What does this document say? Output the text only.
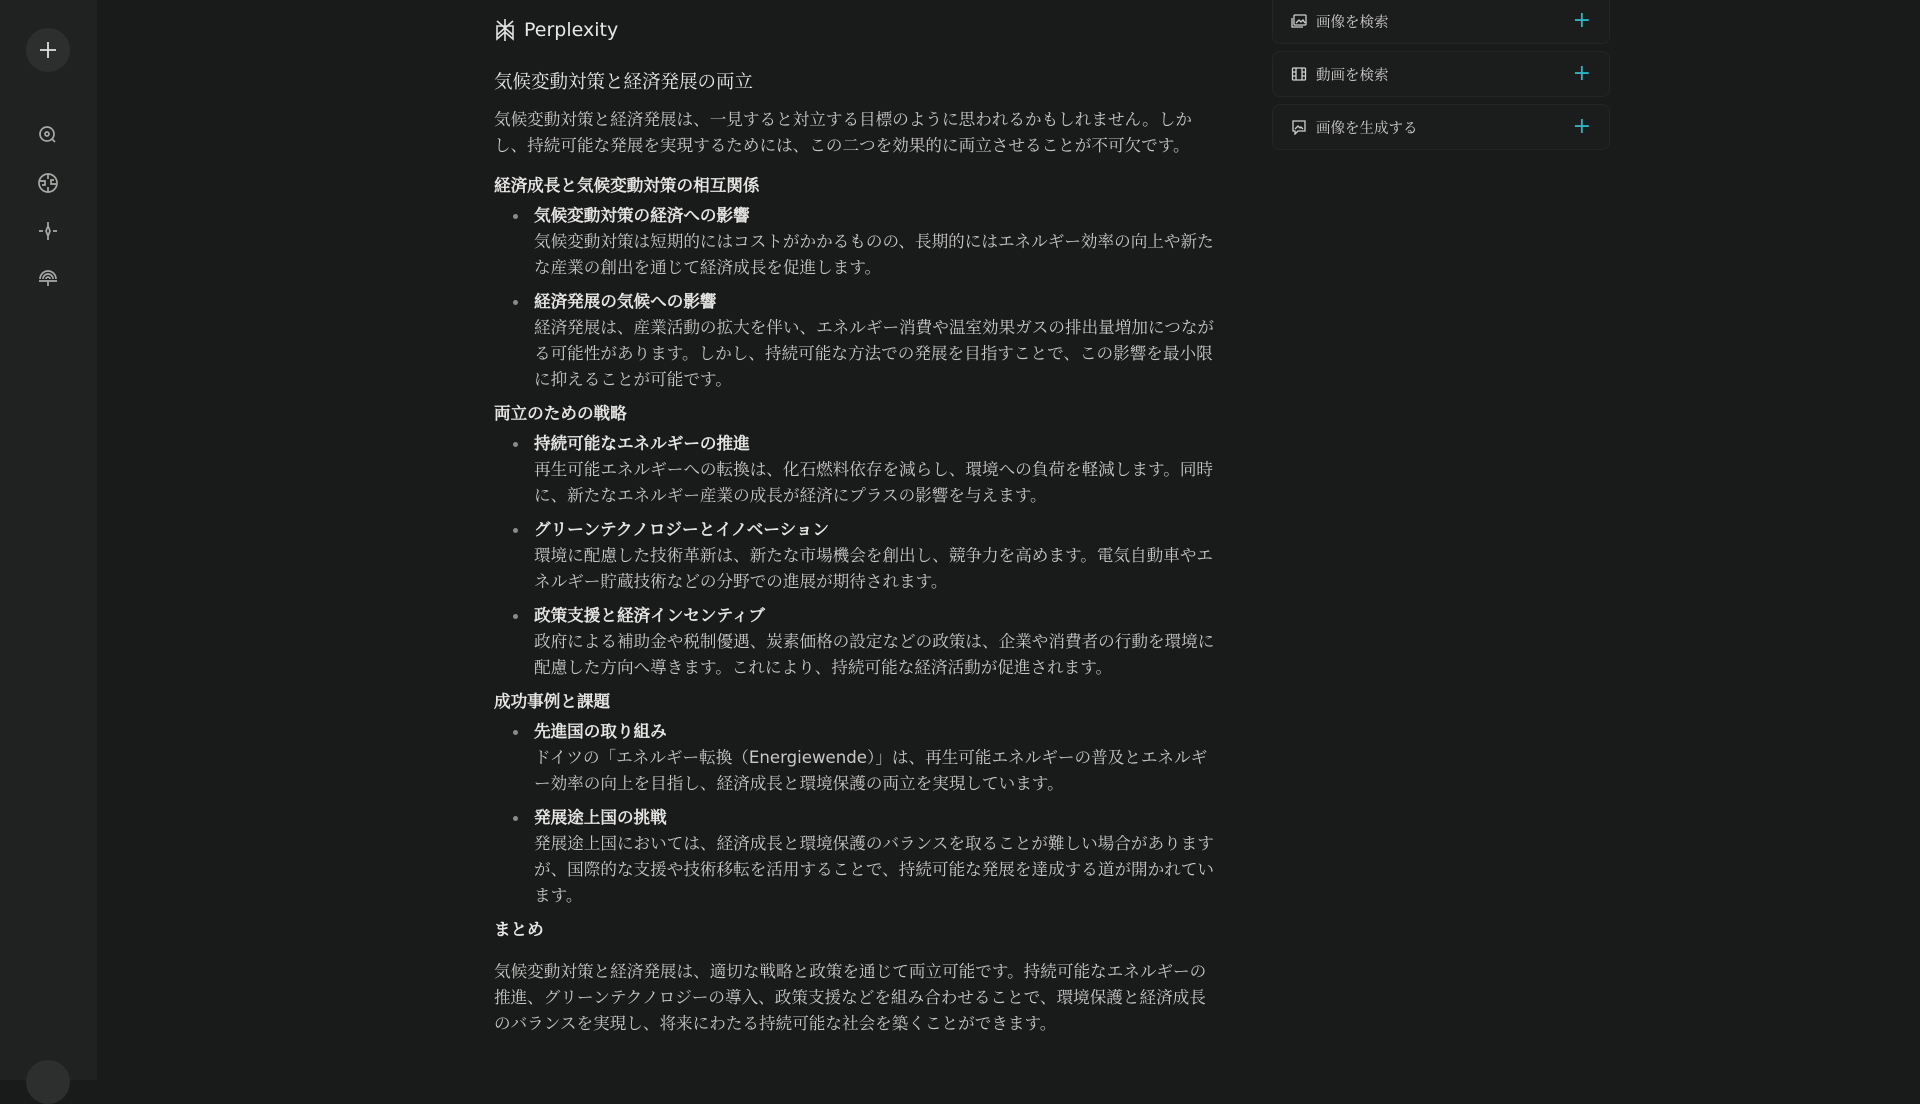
Perplexity
気候変動対策と経済発展の両立

気候変動対策と経済発展は、一見すると対立する目標のように思われるかもしれません。しかし、持続可能な発展を実現するためには、この二つを効果的に両立させることが不可欠です。

経済成長と気候変動対策の相互関係
気候変動対策の経済への影響
気候変動対策は短期的にはコストがかかるものの、長期的にはエネルギー効率の向上や新たな産業の創出を通じて経済成長を促進します。
経済発展の気候への影響
経済発展は、産業活動の拡大を伴い、エネルギー消費や温室効果ガスの排出量増加につながる可能性があります。しかし、持続可能な方法での発展を目指すことで、この影響を最小限に抑えることが可能です。
両立のための戦略
持続可能なエネルギーの推進
再生可能エネルギーへの転換は、化石燃料依存を減らし、環境への負荷を軽減します。同時に、新たなエネルギー産業の成長が経済にプラスの影響を与えます。
グリーンテクノロジーとイノベーション
環境に配慮した技術革新は、新たな市場機会を創出し、競争力を高めます。電気自動車やエネルギー貯蔵技術などの分野での進展が期待されます。
政策支援と経済インセンティブ
政府による補助金や税制優遇、炭素価格の設定などの政策は、企業や消費者の行動を環境に配慮した方向へ導きます。これにより、持続可能な経済活動が促進されます。
成功事例と課題
先進国の取り組み
ドイツの「エネルギー転換（Energiewende）」は、再生可能エネルギーの普及とエネルギー効率の向上を目指し、経済成長と環境保護の両立を実現しています。
発展途上国の挑戦
発展途上国においては、経済成長と環境保護のバランスを取ることが難しい場合がありますが、国際的な支援や技術移転を活用することで、持続可能な発展を達成する道が開かれています。
まとめ

気候変動対策と経済発展は、適切な戦略と政策を通じて両立可能です。持続可能なエネルギーの推進、グリーンテクノロジーの導入、政策支援などを組み合わせることで、環境保護と経済成長のバランスを実現し、将来にわたる持続可能な社会を築くことができます。

画像を検索	+
動画を検索	+
画像を生成する	+
